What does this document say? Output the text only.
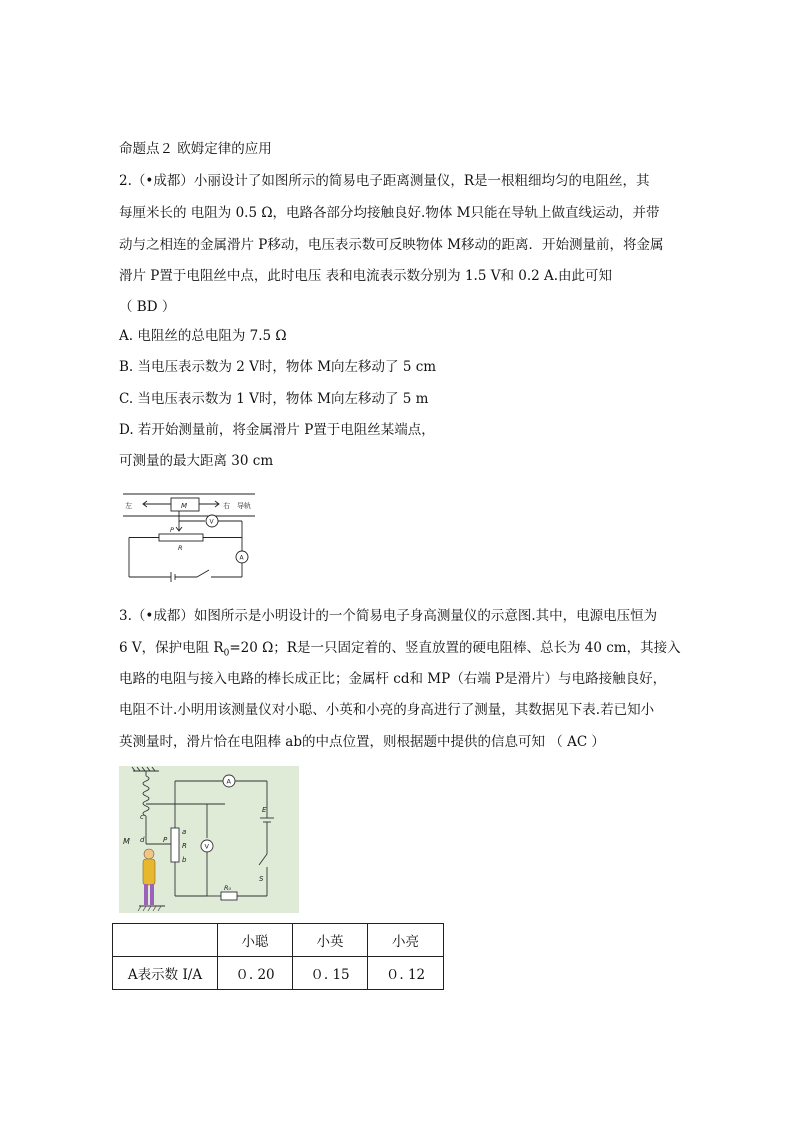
命题点２ 欧姆定律的应用
2.（•成都）小丽设计了如图所示的简易电子距离测量仪，R是一根粗细均匀的电阻丝，其
每厘米长的 电阻为 0.5 Ω，电路各部分均接触良好.物体 M只能在导轨上做直线运动，并带
动与之相连的金属滑片 P移动，电压表示数可反映物体 M移动的距离．开始测量前，将金属
滑片 P置于电阻丝中点，此时电压 表和电流表示数分别为 1.5 V和 0.2 A.由此可知
（ BD ）
A. 电阻丝的总电阻为 7.5 Ω
B. 当电压表示数为 2 V时，物体 M向左移动了 5 cm
C. 当电压表示数为 1 V时，物体 M向左移动了 5 m
D. 若开始测量前，将金属滑片 P置于电阻丝某端点，
可测量的最大距离 30 cm
左	右 导轨
M
P
R
V
A
3.（•成都）如图所示是小明设计的一个简易电子身高测量仪的示意图.其中，电源电压恒为
6 V，保护电阻 $R_0=20$ Ω；R是一只固定着的、竖直放置的硬电阻棒、总长为 40 cm，其接入
电路的电阻与接入电路的棒长成正比；金属杆 cd和 MP（右端 P是滑片）与电路接触良好，
电阻不计.小明用该测量仪对小聪、小英和小亮的身高进行了测量，其数据见下表.若已知小
英测量时，滑片恰在电阻棒 ab的中点位置，则根据题中提供的信息可知 （ AC ）
c
d
M	P
a
R
b
E
S
R₀
A
V
	小聪	小英	小亮
A表示数 I/A	０. 20	０. 15	０. 12
